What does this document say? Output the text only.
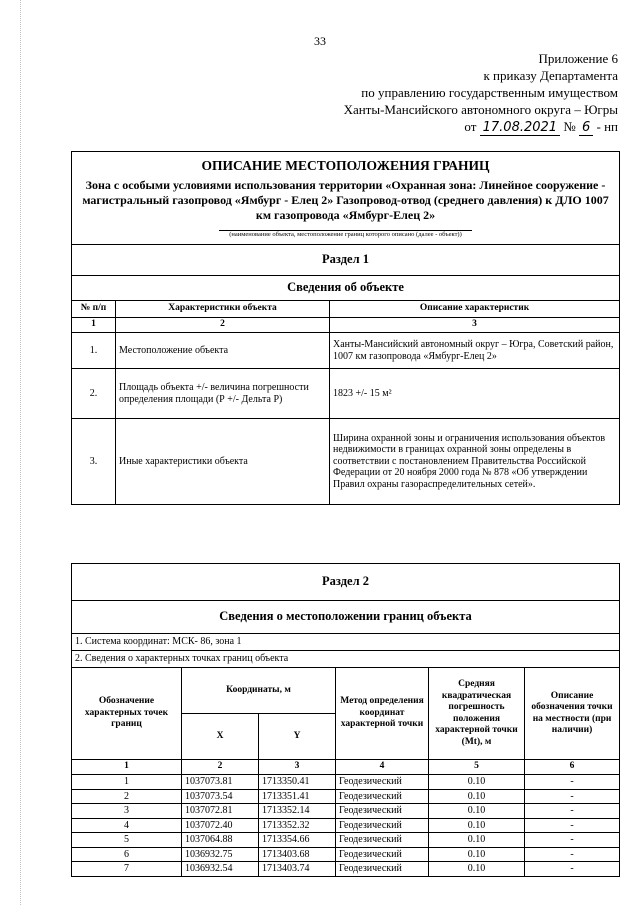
33
Приложение 6
к приказу Департамента
по управлению государственным имуществом
Ханты-Мансийского автономного округа – Югры
от 17.08.2021 № 6 - нп
ОПИСАНИЕ МЕСТОПОЛОЖЕНИЯ ГРАНИЦ		
Зона с особыми условиями использования территории «Охранная зона: Линейное сооружение - магистральный газопровод «Ямбург - Елец 2» Газопровод-отвод (среднего давления) к ДЛО 1007 км газопровода «Ямбург-Елец 2»		
(наименование объекта, местоположение границ которого описано (далее - объект))		
Раздел 1		
Сведения об объекте		
№ п/п	Характеристики объекта	Описание характеристик
1	2	3
1.	Местоположение объекта	Ханты-Мансийский автономный округ – Югра, Советский район, 1007 км газопровода «Ямбург-Елец 2»
2.	Площадь объекта +/- величина погрешности определения площади (Р +/- Дельта Р)	1823 +/- 15 м²
3.	Иные характеристики объекта	Ширина охранной зоны и ограничения использования объектов недвижимости в границах охранной зоны определены в соответствии с постановлением Правительства Российской Федерации от 20 ноября 2000 года № 878 «Об утверждении Правил охраны газораспределительных сетей».
Раздел 2					
Сведения о местоположении границ объекта					
1. Система координат: МСК- 86, зона 1					
2. Сведения о характерных точках границ объекта					
Обозначение характерных точек границ	Координаты, м		Метод определения координат характерной точки	Средняя квадратическая погрешность положения характерной точки (Mt), м	Описание обозначения точки на местности (при наличии)
	X	Y			
1	2	3	4	5	6
1	1037073.81	1713350.41	Геодезический	0.10	-
2	1037073.54	1713351.41	Геодезический	0.10	-
3	1037072.81	1713352.14	Геодезический	0.10	-
4	1037072.40	1713352.32	Геодезический	0.10	-
5	1037064.88	1713354.66	Геодезический	0.10	-
6	1036932.75	1713403.68	Геодезический	0.10	-
7	1036932.54	1713403.74	Геодезический	0.10	-
